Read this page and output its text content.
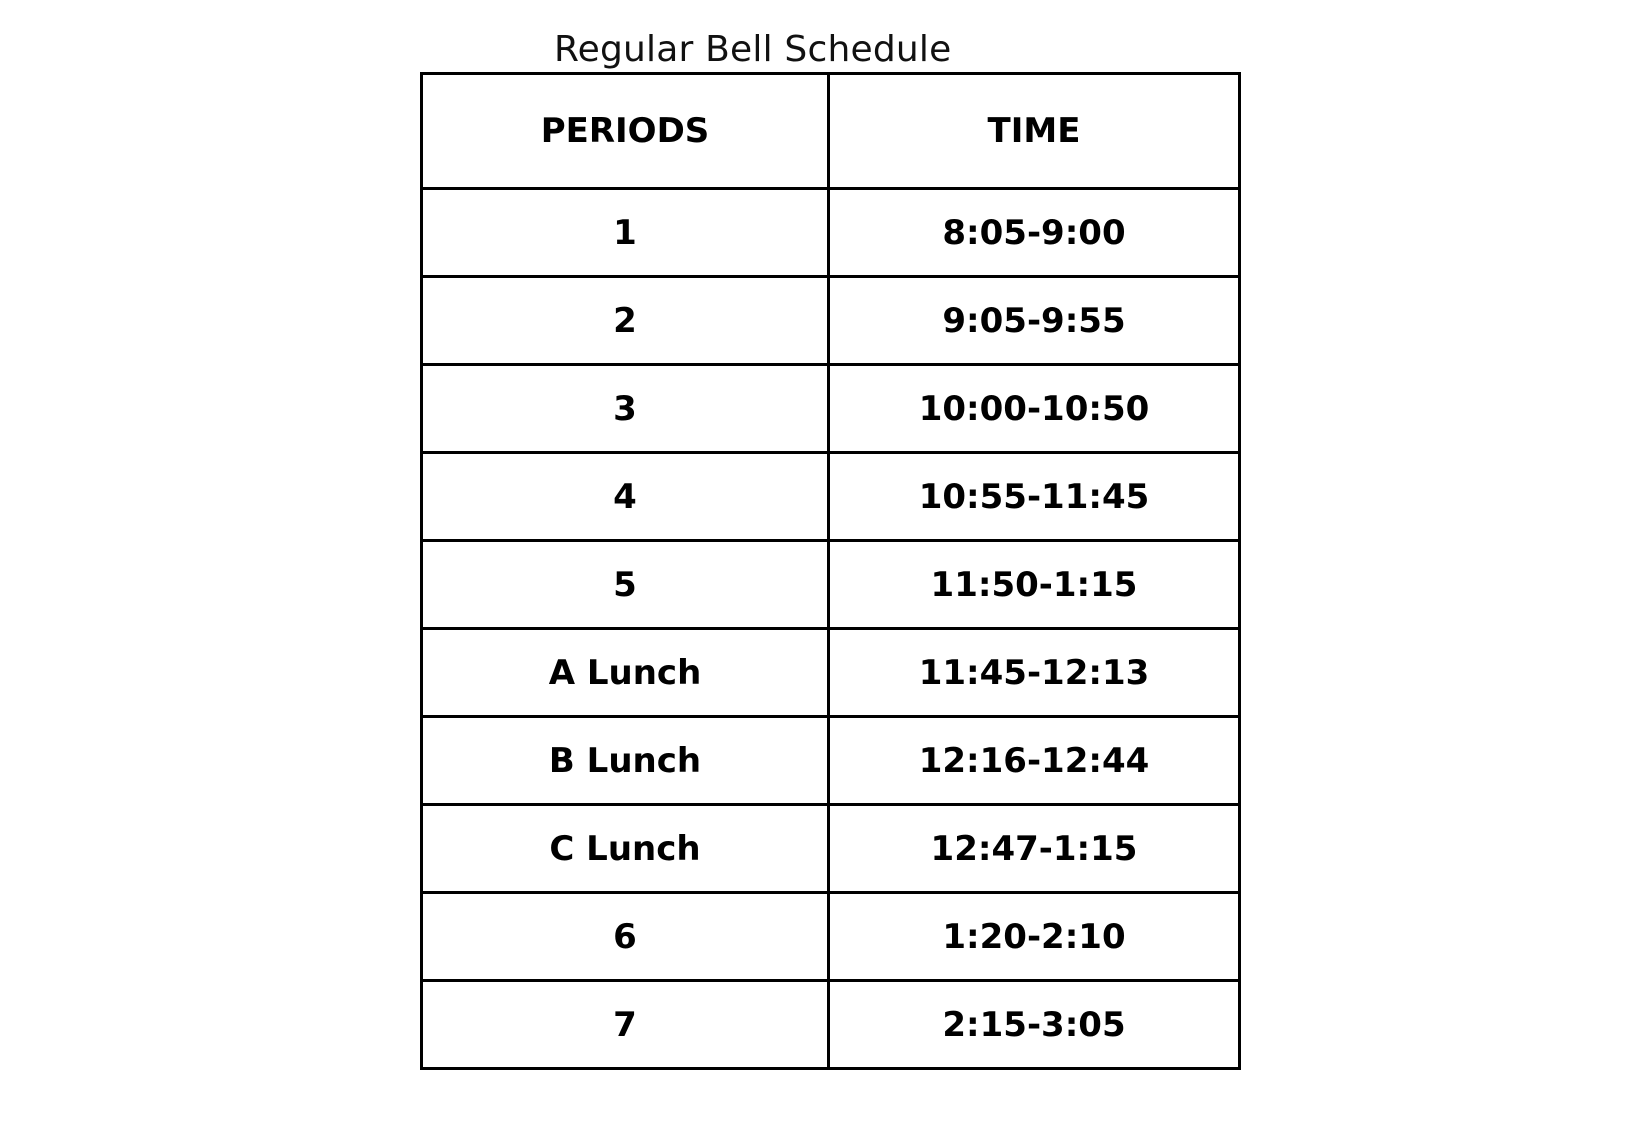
Regular Bell Schedule
PERIODS	TIME
1	8:05-9:00
2	9:05-9:55
3	10:00-10:50
4	10:55-11:45
5	11:50-1:15
A Lunch	11:45-12:13
B Lunch	12:16-12:44
C Lunch	12:47-1:15
6	1:20-2:10
7	2:15-3:05
